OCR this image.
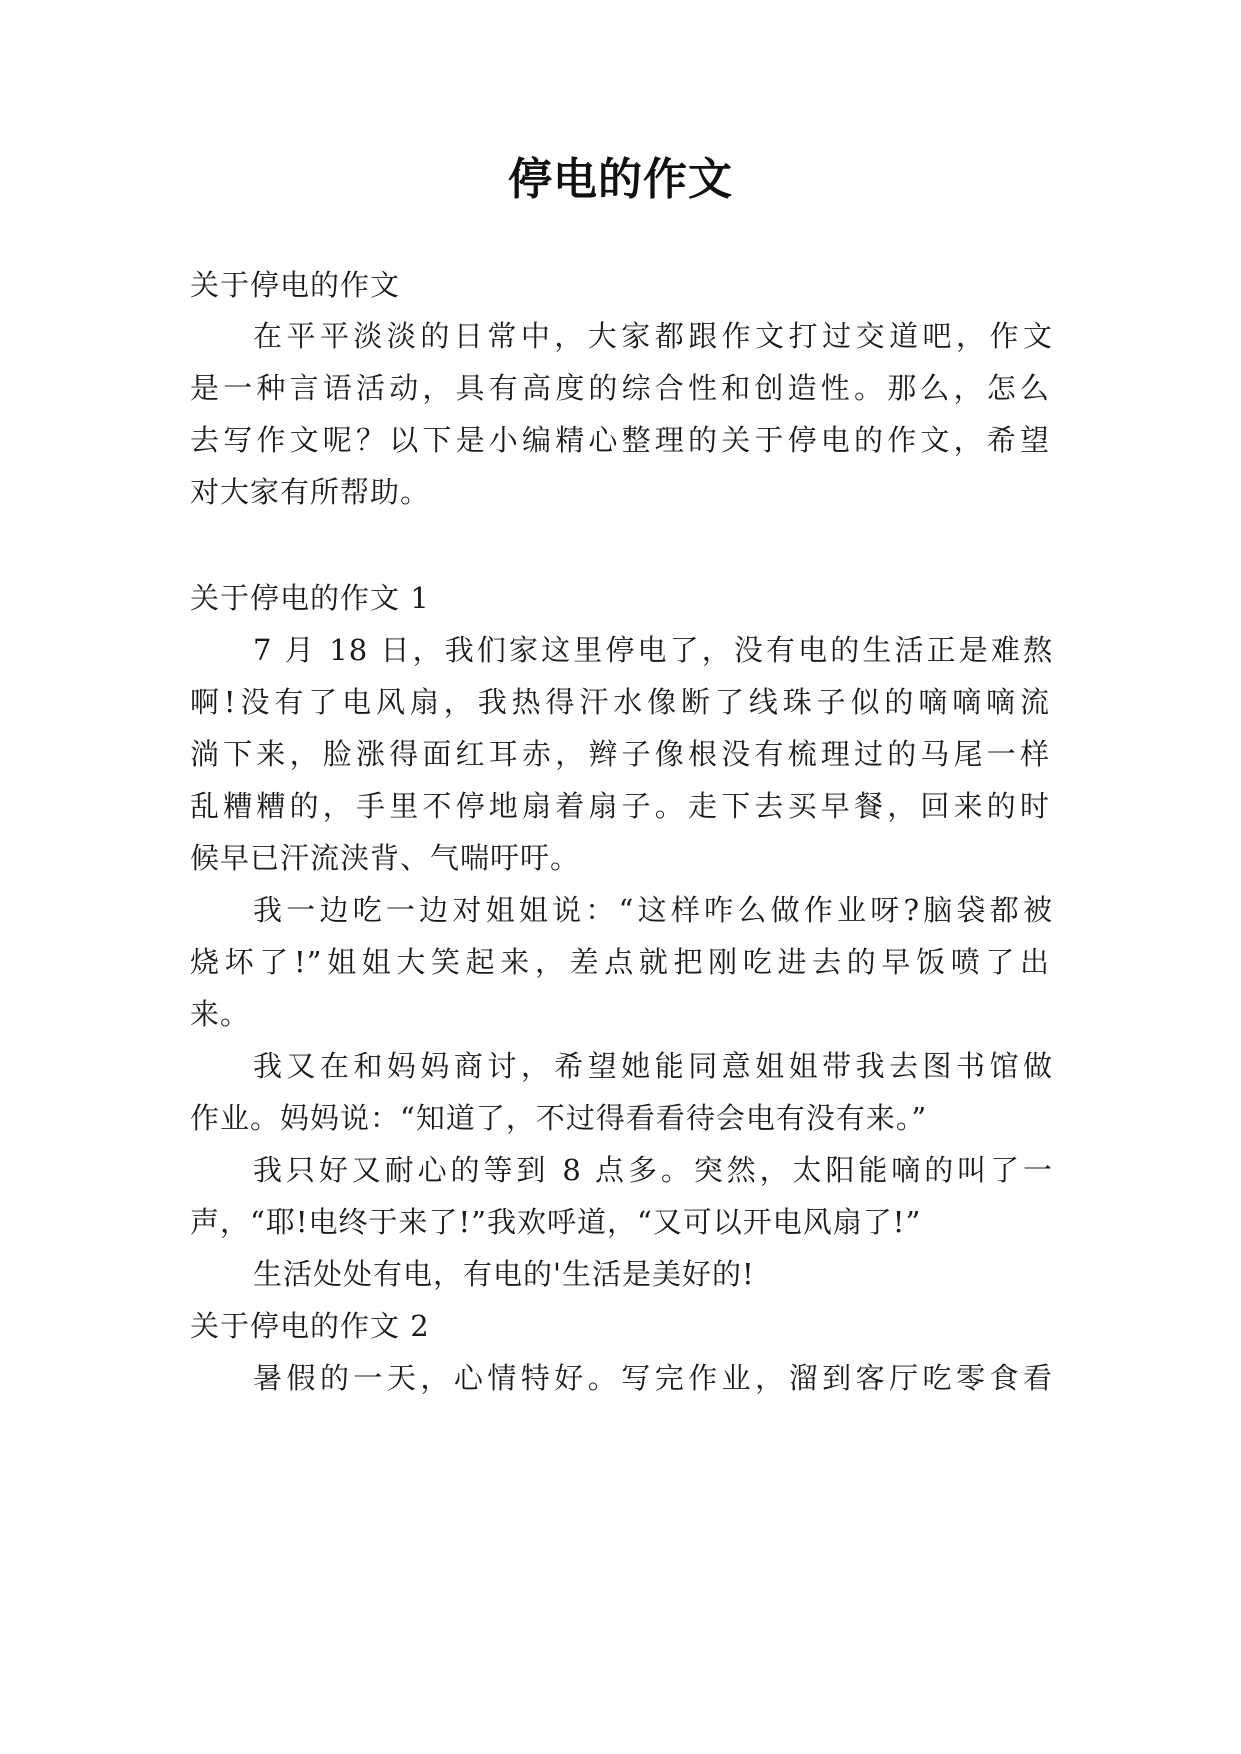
停电的作文
关于停电的作文
在平平淡淡的日常中，大家都跟作文打过交道吧，作文
是一种言语活动，具有高度的综合性和创造性。那么，怎么
去写作文呢？以下是小编精心整理的关于停电的作文，希望
对大家有所帮助。
关于停电的作文 1
7 月 18 日，我们家这里停电了，没有电的生活正是难熬
啊!没有了电风扇，我热得汗水像断了线珠子似的嘀嘀嘀流
淌下来，脸涨得面红耳赤，辫子像根没有梳理过的马尾一样
乱糟糟的，手里不停地扇着扇子。走下去买早餐，回来的时
候早已汗流浃背、气喘吁吁。
我一边吃一边对姐姐说：“这样咋么做作业呀?脑袋都被
烧坏了!”姐姐大笑起来，差点就把刚吃进去的早饭喷了出
来。
我又在和妈妈商讨，希望她能同意姐姐带我去图书馆做
作业。妈妈说：“知道了，不过得看看待会电有没有来。”
我只好又耐心的等到 8 点多。突然，太阳能嘀的叫了一
声，“耶!电终于来了!”我欢呼道，“又可以开电风扇了!”
生活处处有电，有电的'生活是美好的!
关于停电的作文 2
暑假的一天，心情特好。写完作业，溜到客厅吃零食看
